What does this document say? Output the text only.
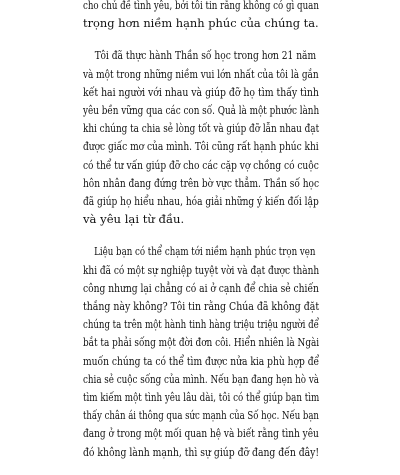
cho chủ đề tình yêu, bởi tôi tin rằng không có gì quan
trọng hơn niềm hạnh phúc của chúng ta.

Tôi đã thực hành Thần số học trong hơn 21 năm
và một trong những niềm vui lớn nhất của tôi là gắn
kết hai người với nhau và giúp đỡ họ tìm thấy tình
yêu bền vững qua các con số. Quả là một phước lành
khi chúng ta chia sẻ lòng tốt và giúp đỡ lẫn nhau đạt
được giấc mơ của mình. Tôi cũng rất hạnh phúc khi
có thể tư vấn giúp đỡ cho các cặp vợ chồng có cuộc
hôn nhân đang đứng trên bờ vực thẳm. Thần số học
đã giúp họ hiểu nhau, hóa giải những ý kiến đối lập
và yêu lại từ đầu.

Liệu bạn có thể chạm tới niềm hạnh phúc trọn vẹn
khi đã có một sự nghiệp tuyệt vời và đạt được thành
công nhưng lại chẳng có ai ở cạnh để chia sẻ chiến
thắng này không? Tôi tin rằng Chúa đã không đặt
chúng ta trên một hành tinh hàng triệu triệu người để
bắt ta phải sống một đời đơn côi. Hiển nhiên là Ngài
muốn chúng ta có thể tìm được nửa kia phù hợp để
chia sẻ cuộc sống của mình. Nếu bạn đang hẹn hò và
tìm kiếm một tình yêu lâu dài, tôi có thể giúp bạn tìm
thấy chân ái thông qua sức mạnh của Số học. Nếu bạn
đang ở trong một mối quan hệ và biết rằng tình yêu
đó không lành mạnh, thì sự giúp đỡ đang đến đây!
